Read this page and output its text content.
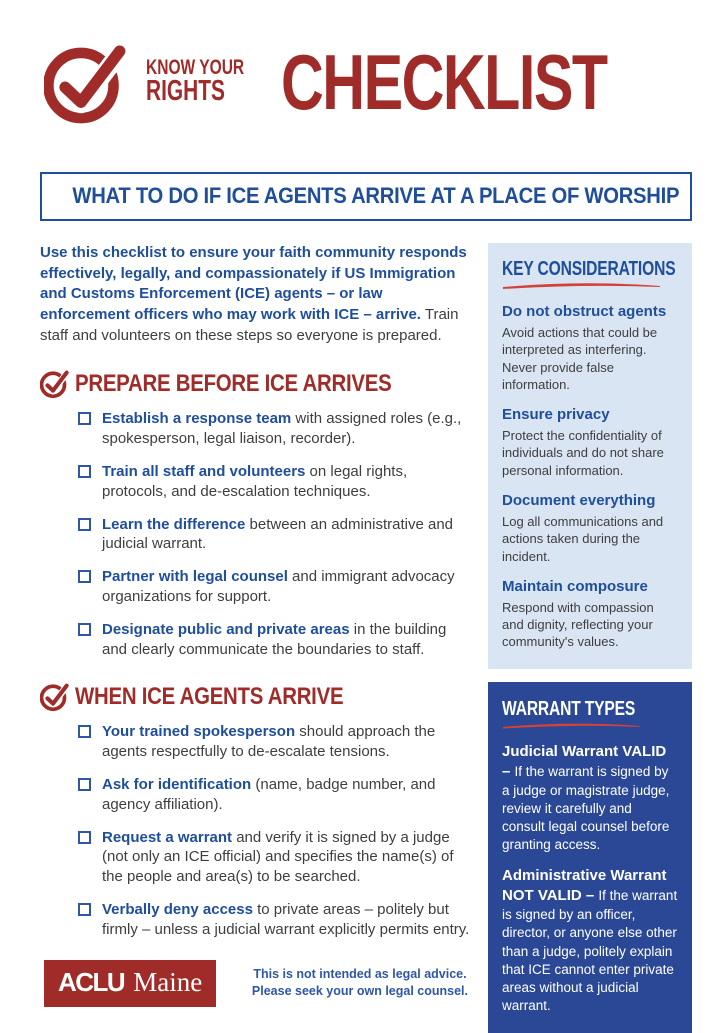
KNOW YOUR
RIGHTS CHECKLIST
WHAT TO DO IF ICE AGENTS ARRIVE AT A PLACE OF WORSHIP

Use this checklist to ensure your faith community responds effectively, legally, and compassionately if US Immigration and Customs Enforcement (ICE) agents – or law enforcement officers who may work with ICE – arrive. Train staff and volunteers on these steps so everyone is prepared.

PREPARE BEFORE ICE ARRIVES
Establish a response team with assigned roles (e.g., spokesperson, legal liaison, recorder).
Train all staff and volunteers on legal rights, protocols, and de-escalation techniques.
Learn the difference between an administrative and judicial warrant.
Partner with legal counsel and immigrant advocacy organizations for support.
Designate public and private areas in the building and clearly communicate the boundaries to staff.
WHEN ICE AGENTS ARRIVE
Your trained spokesperson should approach the agents respectfully to de-escalate tensions.
Ask for identification (name, badge number, and agency affiliation).
Request a warrant and verify it is signed by a judge (not only an ICE official) and specifies the name(s) of the people and area(s) to be searched.
Verbally deny access to private areas – politely but firmly – unless a judicial warrant explicitly permits entry.
ACLU Maine	This is not intended as legal advice.
Please seek your own legal counsel.
KEY CONSIDERATIONS
Do not obstruct agents

Avoid actions that could be interpreted as interfering. Never provide false information.

Ensure privacy

Protect the confidentiality of individuals and do not share personal information.

Document everything

Log all communications and actions taken during the incident.

Maintain composure

Respond with compassion and dignity, reflecting your community's values.

WARRANT TYPES

Judicial Warrant VALID – If the warrant is signed by a judge or magistrate judge, review it carefully and consult legal counsel before granting access.

Administrative Warrant NOT VALID – If the warrant is signed by an officer, director, or anyone else other than a judge, politely explain that ICE cannot enter private areas without a judicial warrant.
